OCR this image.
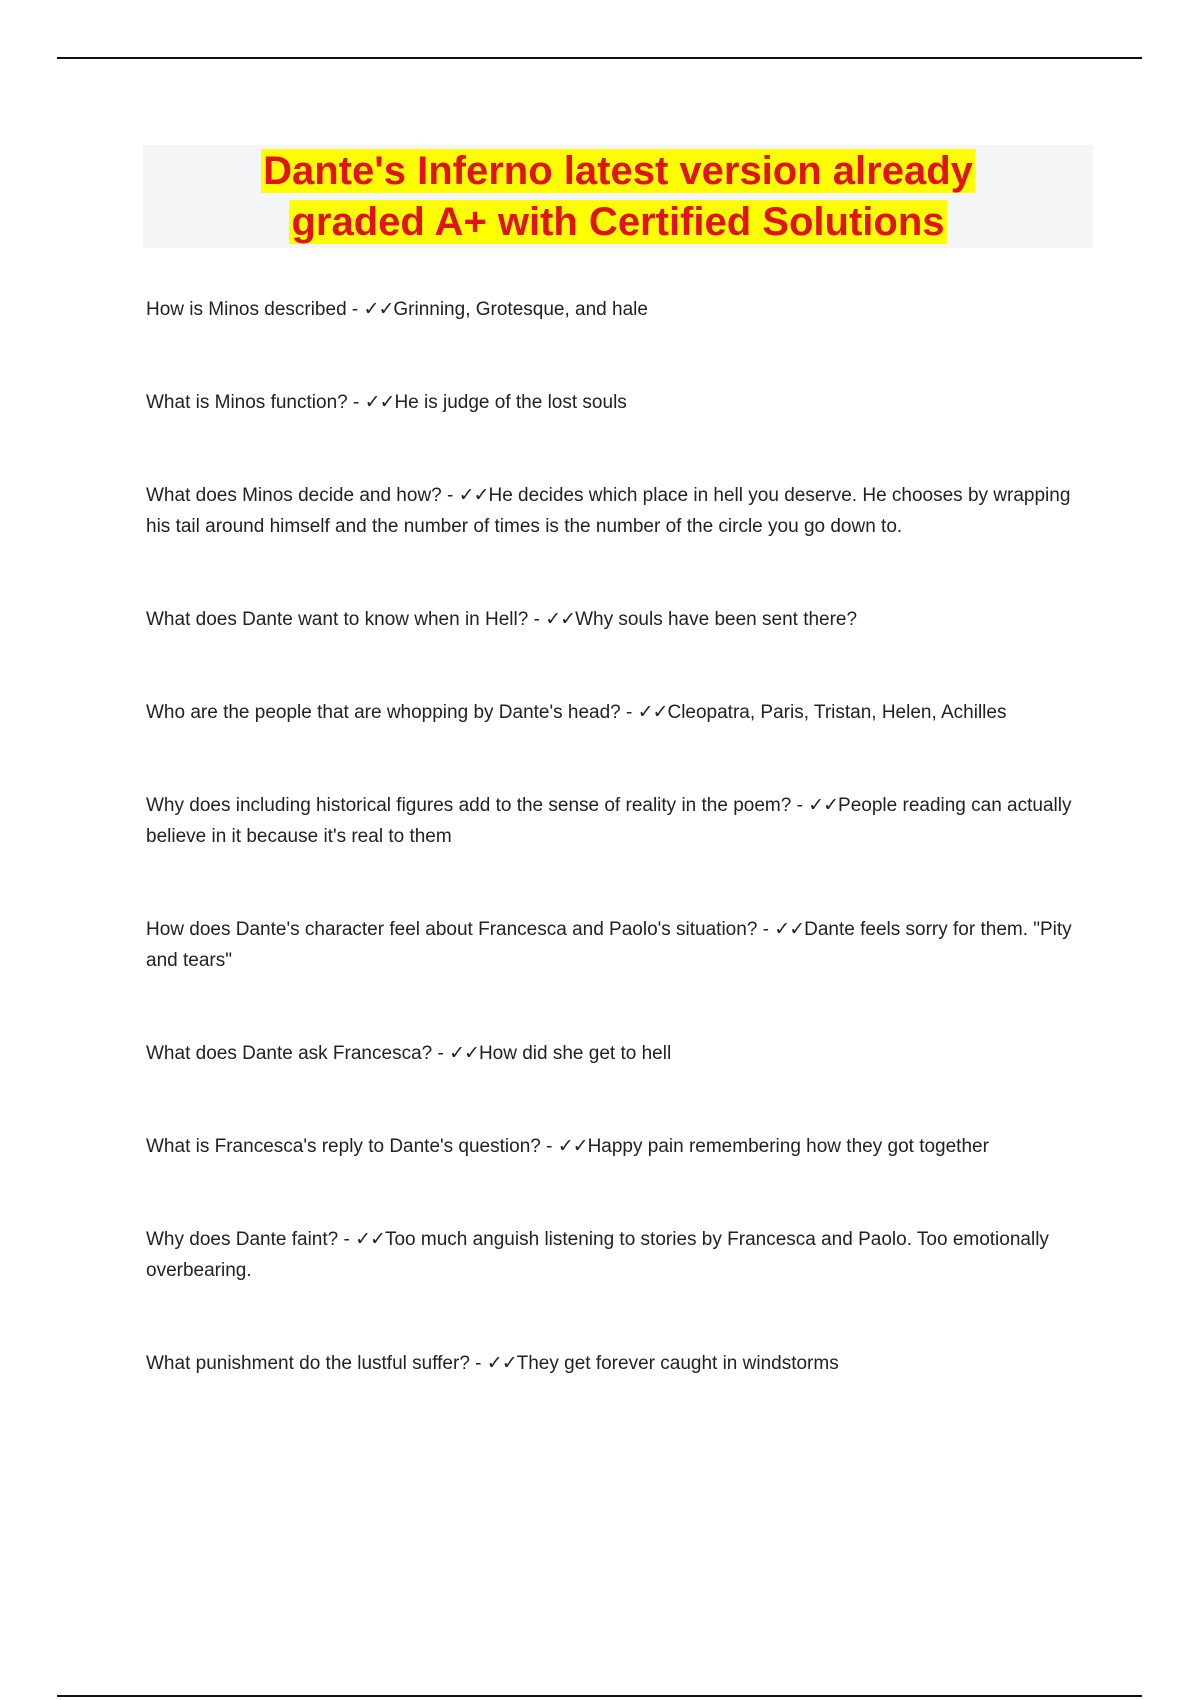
Dante's Inferno latest version already
graded A+ with Certified Solutions
How is Minos described - ✓✓Grinning, Grotesque, and hale
What is Minos function? - ✓✓He is judge of the lost souls
What does Minos decide and how? - ✓✓He decides which place in hell you deserve. He chooses by wrapping his tail around himself and the number of times is the number of the circle you go down to.
What does Dante want to know when in Hell? - ✓✓Why souls have been sent there?
Who are the people that are whopping by Dante's head? - ✓✓Cleopatra, Paris, Tristan, Helen, Achilles
Why does including historical figures add to the sense of reality in the poem? - ✓✓People reading can actually believe in it because it's real to them
How does Dante's character feel about Francesca and Paolo's situation? - ✓✓Dante feels sorry for them. "Pity and tears"
What does Dante ask Francesca? - ✓✓How did she get to hell
What is Francesca's reply to Dante's question? - ✓✓Happy pain remembering how they got together
Why does Dante faint? - ✓✓Too much anguish listening to stories by Francesca and Paolo. Too emotionally overbearing.
What punishment do the lustful suffer? - ✓✓They get forever caught in windstorms
